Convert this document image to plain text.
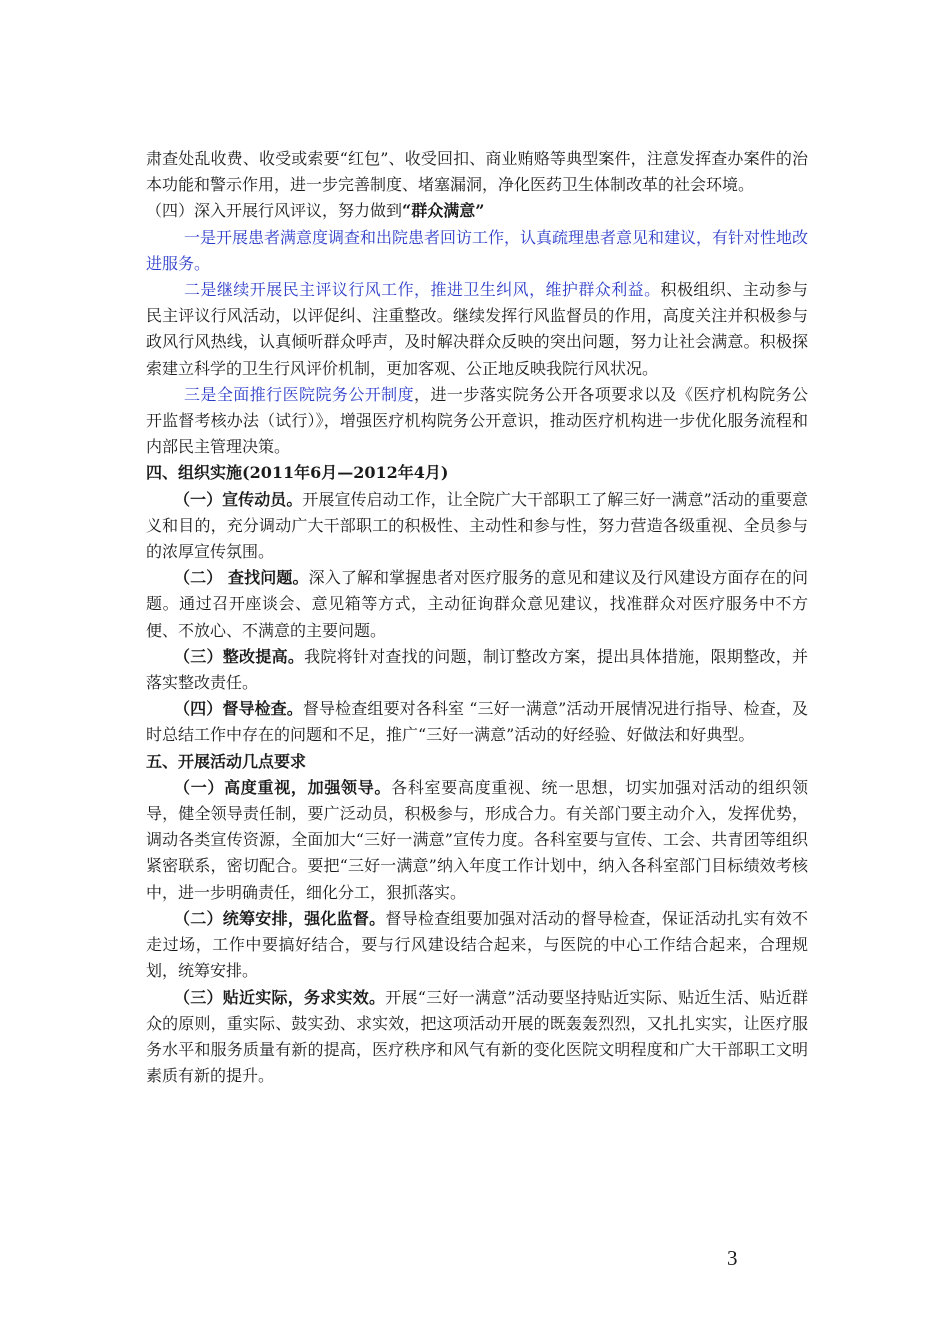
肃查处乱收费、收受或索要“红包”、收受回扣、商业贿赂等典型案件，注意发挥查办案件的治本功能和警示作用，进一步完善制度、堵塞漏洞，净化医药卫生体制改革的社会环境。

（四）深入开展行风评议，努力做到“群众满意”

一是开展患者满意度调查和出院患者回访工作，认真疏理患者意见和建议，有针对性地改进服务。

二是继续开展民主评议行风工作，推进卫生纠风，维护群众利益。积极组织、主动参与民主评议行风活动，以评促纠、注重整改。继续发挥行风监督员的作用，高度关注并积极参与政风行风热线，认真倾听群众呼声，及时解决群众反映的突出问题，努力让社会满意。积极探索建立科学的卫生行风评价机制，更加客观、公正地反映我院行风状况。

三是全面推行医院院务公开制度，进一步落实院务公开各项要求以及《医疗机构院务公开监督考核办法（试行）》，增强医疗机构院务公开意识，推动医疗机构进一步优化服务流程和内部民主管理决策。

四、组织实施(2011年6月—2012年4月)

（一）宣传动员。开展宣传启动工作，让全院广大干部职工了解三好一满意”活动的重要意义和目的，充分调动广大干部职工的积极性、主动性和参与性，努力营造各级重视、全员参与的浓厚宣传氛围。

（二） 查找问题。深入了解和掌握患者对医疗服务的意见和建议及行风建设方面存在的问题。通过召开座谈会、意见箱等方式，主动征询群众意见建议，找准群众对医疗服务中不方便、不放心、不满意的主要问题。

（三）整改提高。我院将针对查找的问题，制订整改方案，提出具体措施，限期整改，并落实整改责任。

（四）督导检查。督导检查组要对各科室 “三好一满意”活动开展情况进行指导、检查，及时总结工作中存在的问题和不足，推广“三好一满意”活动的好经验、好做法和好典型。

五、开展活动几点要求

（一）高度重视，加强领导。各科室要高度重视、统一思想，切实加强对活动的组织领导，健全领导责任制，要广泛动员，积极参与，形成合力。有关部门要主动介入，发挥优势，调动各类宣传资源，全面加大“三好一满意”宣传力度。各科室要与宣传、工会、共青团等组织紧密联系，密切配合。要把“三好一满意”纳入年度工作计划中，纳入各科室部门目标绩效考核中，进一步明确责任，细化分工，狠抓落实。

（二）统筹安排，强化监督。督导检查组要加强对活动的督导检查，保证活动扎实有效不走过场，工作中要搞好结合，要与行风建设结合起来，与医院的中心工作结合起来，合理规划，统筹安排。

（三）贴近实际，务求实效。开展“三好一满意”活动要坚持贴近实际、贴近生活、贴近群众的原则，重实际、鼓实劲、求实效，把这项活动开展的既轰轰烈烈，又扎扎实实，让医疗服务水平和服务质量有新的提高，医疗秩序和风气有新的变化医院文明程度和广大干部职工文明素质有新的提升。

3
